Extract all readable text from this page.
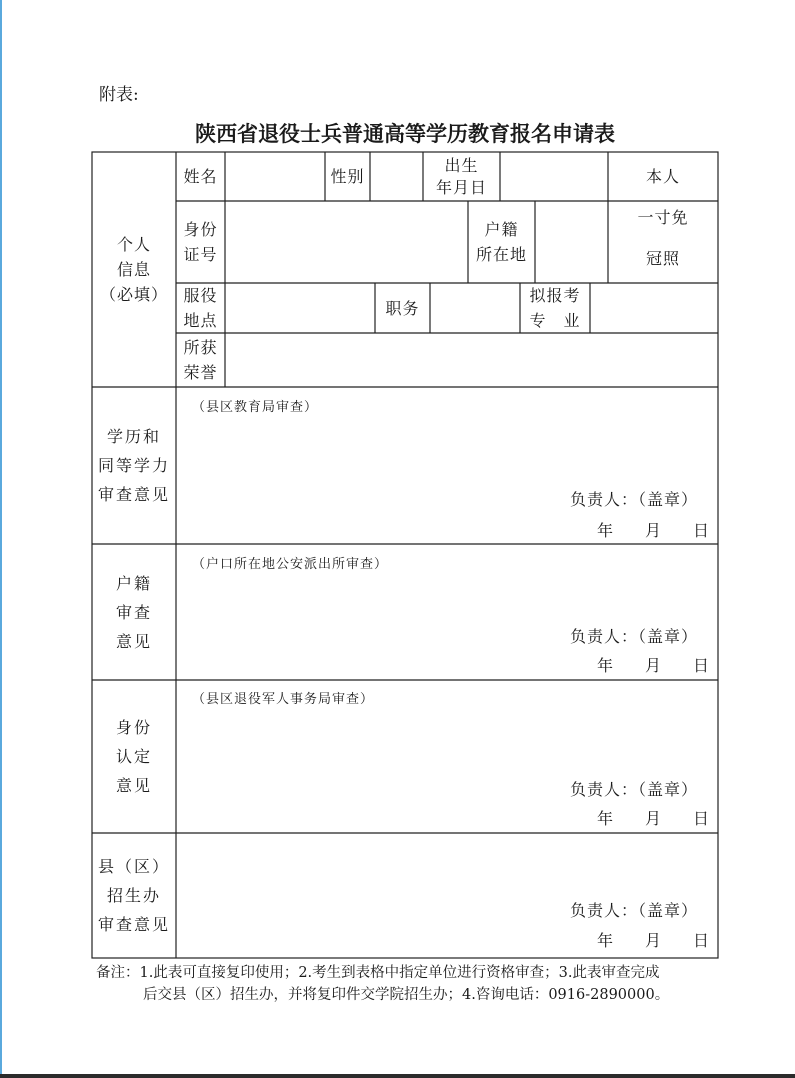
附表:
陕西省退役士兵普通高等学历教育报名申请表
个人
信息
（必填）
姓名	性别
出生
年月日
本人
一寸免
冠照
身份
证号
户籍
所在地
服役
地点
职务
拟报考
专　业
所获
荣誉
学历和
同等学力
审查意见
（县区教育局审查）
负责人：（盖章）
年　　月　　日
户籍
审查
意见
（户口所在地公安派出所审查）
负责人：（盖章）
年　　月　　日
身份
认定
意见
（县区退役军人事务局审查）
负责人：（盖章）
年　　月　　日
县（区）
招生办
审查意见
负责人：（盖章）
年　　月　　日
备注：1.此表可直接复印使用；2.考生到表格中指定单位进行资格审查；3.此表审查完成
后交县（区）招生办，并将复印件交学院招生办；4.咨询电话：0916-2890000。
